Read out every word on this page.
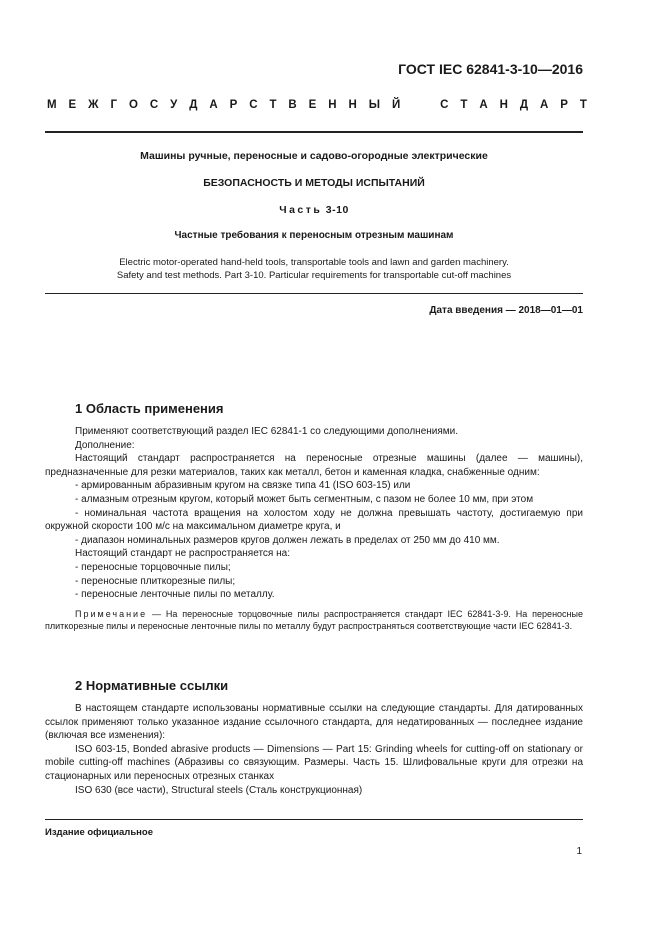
ГОСТ IEC 62841-3-10—2016
М Е Ж Г О С У Д А Р С Т В Е Н Н Ы Й	С Т А Н Д А Р Т
Машины ручные, переносные и садово-огородные электрические
БЕЗОПАСНОСТЬ И МЕТОДЫ ИСПЫТАНИЙ
Часть 3-10
Частные требования к переносным отрезным машинам
Electric motor-operated hand-held tools, transportable tools and lawn and garden machinery.
Safety and test methods. Part 3-10. Particular requirements for transportable cut-off machines
Дата введения — 2018—01—01
1 Область применения

Применяют соответствующий раздел IEC 62841-1 со следующими дополнениями.

Дополнение:

Настоящий стандарт распространяется на переносные отрезные машины (далее — машины), предназначенные для резки материалов, таких как металл, бетон и каменная кладка, снабженные одним:

- армированным абразивным кругом на связке типа 41 (ISO 603-15) или

- алмазным отрезным кругом, который может быть сегментным, с пазом не более 10 мм, при этом

- номинальная частота вращения на холостом ходу не должна превышать частоту, достигаемую при окружной скорости 100 м/с на максимальном диаметре круга, и

- диапазон номинальных размеров кругов должен лежать в пределах от 250 мм до 410 мм.

Настоящий стандарт не распространяется на:

- переносные торцовочные пилы;

- переносные плиткорезные пилы;

- переносные ленточные пилы по металлу.

Примечание — На переносные торцовочные пилы распространяется стандарт IEC 62841-3-9. На переносные плиткорезные пилы и переносные ленточные пилы по металлу будут распространяться соответствующие части IEC 62841-3.

2 Нормативные ссылки

В настоящем стандарте использованы нормативные ссылки на следующие стандарты. Для датированных ссылок применяют только указанное издание ссылочного стандарта, для недатированных — последнее издание (включая все изменения):

ISO 603-15, Bonded abrasive products — Dimensions — Part 15: Grinding wheels for cutting-off on stationary or mobile cutting-off machines (Абразивы со связующим. Размеры. Часть 15. Шлифовальные круги для отрезки на стационарных или переносных отрезных станках

ISO 630 (все части), Structural steels (Сталь конструкционная)

Издание официальное
1
